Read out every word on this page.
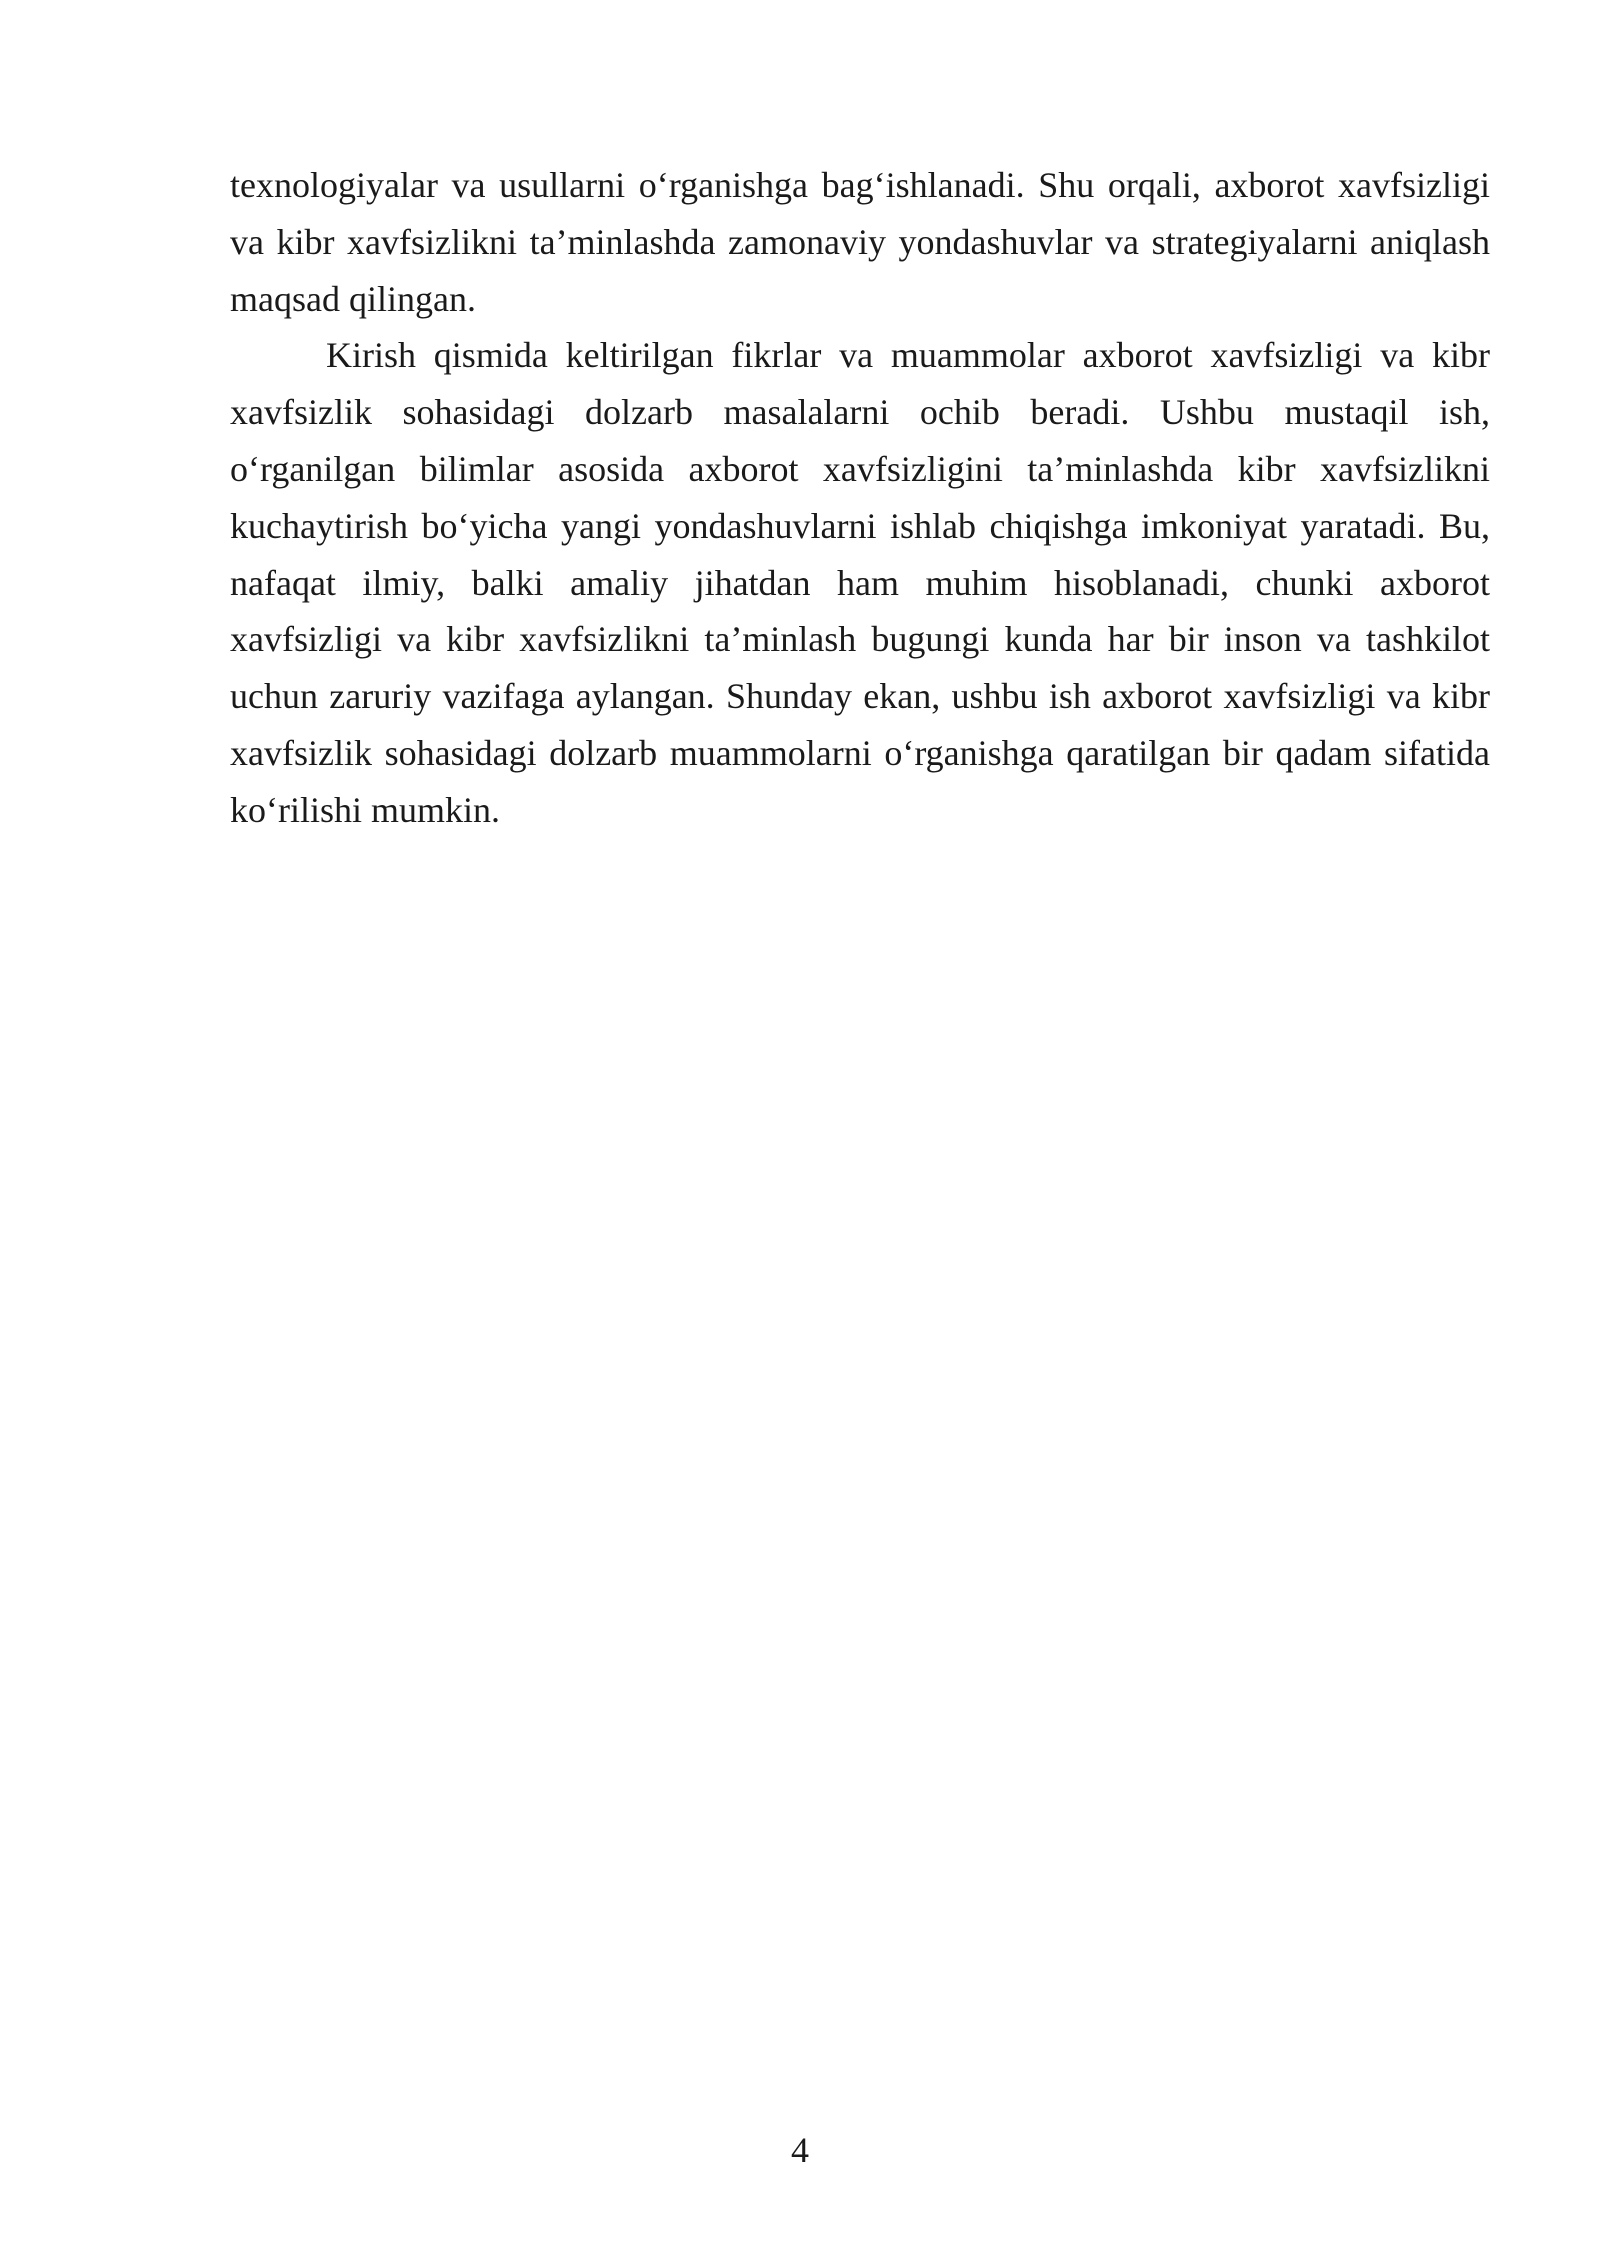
texnologiyalar va usullarni o‘rganishga bag‘ishlanadi. Shu orqali, axborot xavfsizligi va kibr xavfsizlikni ta’minlashda zamonaviy yondashuvlar va strategiyalarni aniqlash maqsad qilingan.

Kirish qismida keltirilgan fikrlar va muammolar axborot xavfsizligi va kibr xavfsizlik sohasidagi dolzarb masalalarni ochib beradi. Ushbu mustaqil ish, o‘rganilgan bilimlar asosida axborot xavfsizligini ta’minlashda kibr xavfsizlikni kuchaytirish bo‘yicha yangi yondashuvlarni ishlab chiqishga imkoniyat yaratadi. Bu, nafaqat ilmiy, balki amaliy jihatdan ham muhim hisoblanadi, chunki axborot xavfsizligi va kibr xavfsizlikni ta’minlash bugungi kunda har bir inson va tashkilot uchun zaruriy vazifaga aylangan. Shunday ekan, ushbu ish axborot xavfsizligi va kibr xavfsizlik sohasidagi dolzarb muammolarni o‘rganishga qaratilgan bir qadam sifatida ko‘rilishi mumkin.

4
